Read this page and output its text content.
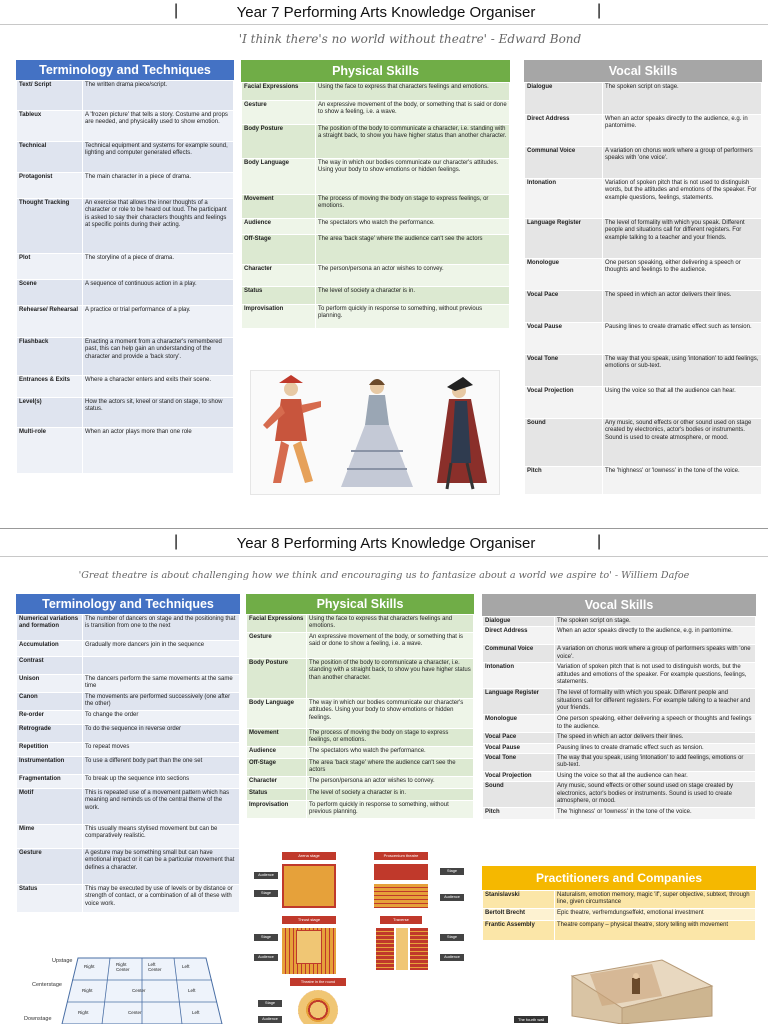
|	Year 7 Performing Arts Knowledge Organiser	|
'I think there's no world without theatre' - Edward Bond
Terminology and Techniques
Text/ Script	The written drama piece/script.
Tableux	A 'frozen picture' that tells a story. Costume and props are needed, and physicality used to show emotion.
Technical	Technical equipment and systems for example sound, lighting and computer generated effects.
Protagonist	The main character in a piece of drama.
Thought Tracking	An exercise that allows the inner thoughts of a character or role to be heard out loud. The participant is asked to say their characters thoughts and feelings at specific points during their acting.
Plot	The storyline of a piece of drama.
Scene	A sequence of continuous action in a play.
Rehearse/ Rehearsal	A practice or trial performance of a play.
Flashback	Enacting a moment from a character's remembered past, this can help gain an understanding of the character and provide a 'back story'.
Entrances & Exits	Where a character enters and exits their scene.
Level(s)	How the actors sit, kneel or stand on stage, to show status.
Multi-role	When an actor plays more than one role
Physical Skills
Facial Expressions	Using the face to express that characters feelings and emotions.
Gesture	An expressive movement of the body, or something that is said or done to show a feeling, i.e. a wave.
Body Posture	The position of the body to communicate a character, i.e. standing with a straight back, to show you have higher status than another character.
Body Language	The way in which our bodies communicate our character's attitudes. Using your body to show emotions or hidden feelings.
Movement	The process of moving the body on stage to express feelings, or emotions.
Audience	The spectators who watch the performance.
Off-Stage	The area 'back stage' where the audience can't see the actors
Character	The person/persona an actor wishes to convey.
Status	The level of society a character is in.
Improvisation	To perform quickly in response to something, without previous planning.
Vocal Skills
Dialogue	The spoken script on stage.
Direct Address	When an actor speaks directly to the audience, e.g. in pantomime.
Communal Voice	A variation on chorus work where a group of performers speaks with 'one voice'.
Intonation	Variation of spoken pitch that is not used to distinguish words, but the attitudes and emotions of the speaker. For example questions, feelings, statements.
Language Register	The level of formality with which you speak. Different people and situations call for different registers. For example talking to a teacher and your friends.
Monologue	One person speaking, either delivering a speech or thoughts and feelings to the audience.
Vocal Pace	The speed in which an actor delivers their lines.
Vocal Pause	Pausing lines to create dramatic effect such as tension.
Vocal Tone	The way that you speak, using 'intonation' to add feelings, emotions or sub-text.
Vocal Projection	Using the voice so that all the audience can hear.
Sound	Any music, sound effects or other sound used on stage created by electronics, actor's bodies or instruments. Sound is used to create atmosphere, or mood.
Pitch	The 'highness' or 'lowness' in the tone of the voice.
|	Year 8 Performing Arts Knowledge Organiser	|
'Great theatre is about challenging how we think and encouraging us to fantasize about a world we aspire to' - Williem Dafoe
Terminology and Techniques
Numerical variations and formation	The number of dancers on stage and the positioning that is transition from one to the next
Accumulation	Gradually more dancers join in the sequence
Contrast	
Unison	The dancers perform the same movements at the same time
Canon	The movements are performed successively (one after the other)
Re-order	To change the order
Retrograde	To do the sequence in reverse order
Repetition	To repeat moves
Instrumentation	To use a different body part than the one set
Fragmentation	To break up the sequence into sections
Motif	This is repeated use of a movement pattern which has meaning and reminds us of the central theme of the work.
Mime	This usually means stylised movement but can be comparatively realistic.
Gesture	A gesture may be something small but can have emotional impact or it can be a particular movement that defines a character.
Status	This may be executed by use of levels or by distance or strength of contact, or a combination of all of these with voice work.
Upstage
Centerstage
Downstage
Right	Right Center
Left Center
Left
Right	Center	Left
Right	Center	Left
Physical Skills
Facial Expressions	Using the face to express that characters feelings and emotions.
Gesture	An expressive movement of the body, or something that is said or done to show a feeling, i.e. a wave.
Body Posture	The position of the body to communicate a character, i.e. standing with a straight back, to show you have higher status than another character.
Body Language	The way in which our bodies communicate our character's attitudes. Using your body to show emotions or hidden feelings.
Movement	The process of moving the body on stage to express feelings, or emotions.
Audience	The spectators who watch the performance.
Off-Stage	The area 'back stage' where the audience can't see the actors
Character	The person/persona an actor wishes to convey.
Status	The level of society a character is in.
Improvisation	To perform quickly in response to something, without previous planning.
Arena stage
Audience
Stage
Proscenium theatre
Stage
Audience
Thrust stage
Stage
Audience
Traverse
Stage
Audience
Theatre in the round
Stage
Audience
Vocal Skills
Dialogue	The spoken script on stage.
Direct Address	When an actor speaks directly to the audience, e.g. in pantomime.
Communal Voice	A variation on chorus work where a group of performers speaks with 'one voice'.
Intonation	Variation of spoken pitch that is not used to distinguish words, but the attitudes and emotions of the speaker. For example questions, feelings, statements.
Language Register	The level of formality with which you speak. Different people and situations call for different registers. For example talking to a teacher and your friends.
Monologue	One person speaking, either delivering a speech or thoughts and feelings to the audience.
Vocal Pace	The speed in which an actor delivers their lines.
Vocal Pause	Pausing lines to create dramatic effect such as tension.
Vocal Tone	The way that you speak, using 'intonation' to add feelings, emotions or sub-text.
Vocal Projection	Using the voice so that all the audience can hear.
Sound	Any music, sound effects or other sound used on stage created by electronics, actor's bodies or instruments. Sound is used to create atmosphere, or mood.
Pitch	The 'highness' or 'lowness' in the tone of the voice.
Practitioners and Companies
Stanislavski	Naturalism, emotion memory, magic 'if', super objective, subtext, through line, given circumstance
Bertolt Brecht	Epic theatre, verfremdungseffekt, emotional investment
Frantic Assembly	Theatre company – physical theatre, story telling with movement
The fourth wall
